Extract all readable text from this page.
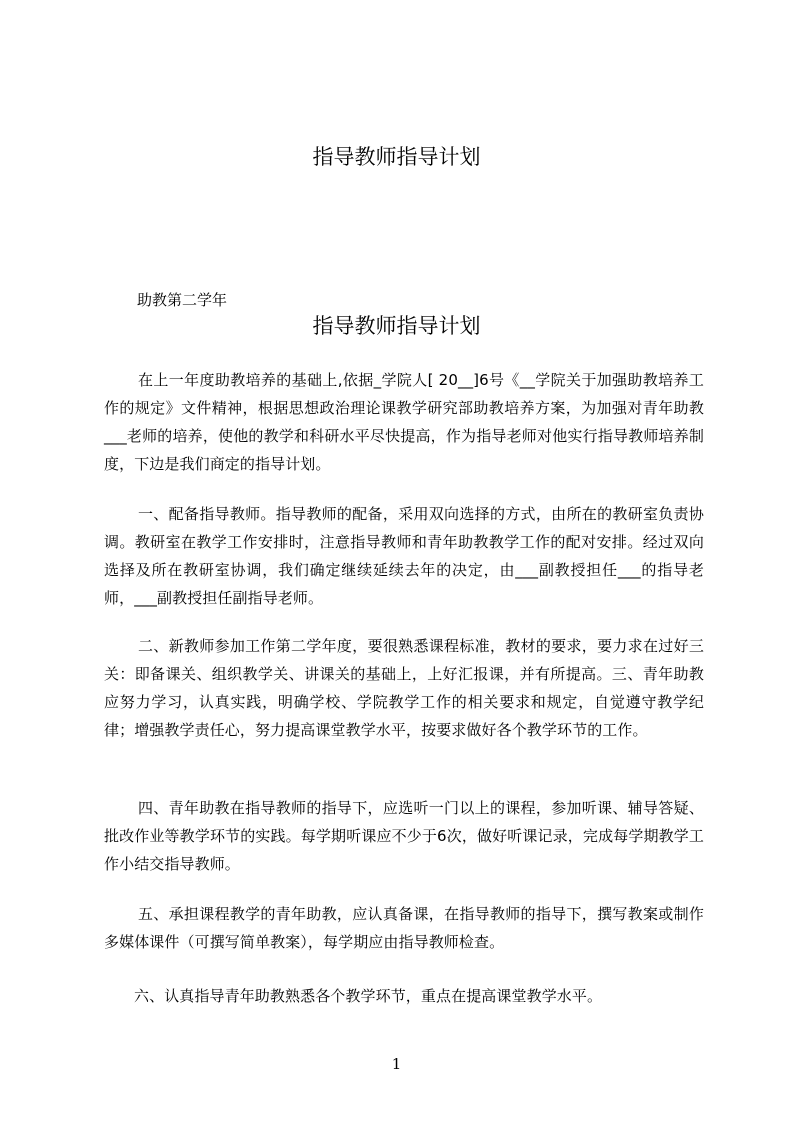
指导教师指导计划
助教第二学年
指导教师指导计划

在上一年度助教培养的基础上,依据_学院人[ 20__]6号《__学院关于加强助教培养工作的规定》文件精神，根据思想政治理论课教学研究部助教培养方案，为加强对青年助教___老师的培养，使他的教学和科研水平尽快提高，作为指导老师对他实行指导教师培养制度，下边是我们商定的指导计划。

一、配备指导教师。指导教师的配备，采用双向选择的方式，由所在的教研室负责协调。教研室在教学工作安排时，注意指导教师和青年助教教学工作的配对安排。经过双向选择及所在教研室协调，我们确定继续延续去年的决定，由___副教授担任___的指导老师，___副教授担任副指导老师。

二、新教师参加工作第二学年度，要很熟悉课程标准，教材的要求，要力求在过好三关：即备课关、组织教学关、讲课关的基础上，上好汇报课，并有所提高。三、青年助教应努力学习，认真实践，明确学校、学院教学工作的相关要求和规定，自觉遵守教学纪律；增强教学责任心，努力提高课堂教学水平，按要求做好各个教学环节的工作。

四、青年助教在指导教师的指导下，应选听一门以上的课程，参加听课、辅导答疑、批改作业等教学环节的实践。每学期听课应不少于6次，做好听课记录，完成每学期教学工作小结交指导教师。

五、承担课程教学的青年助教，应认真备课，在指导教师的指导下，撰写教案或制作多媒体课件（可撰写简单教案），每学期应由指导教师检查。

六、认真指导青年助教熟悉各个教学环节，重点在提高课堂教学水平。

1
